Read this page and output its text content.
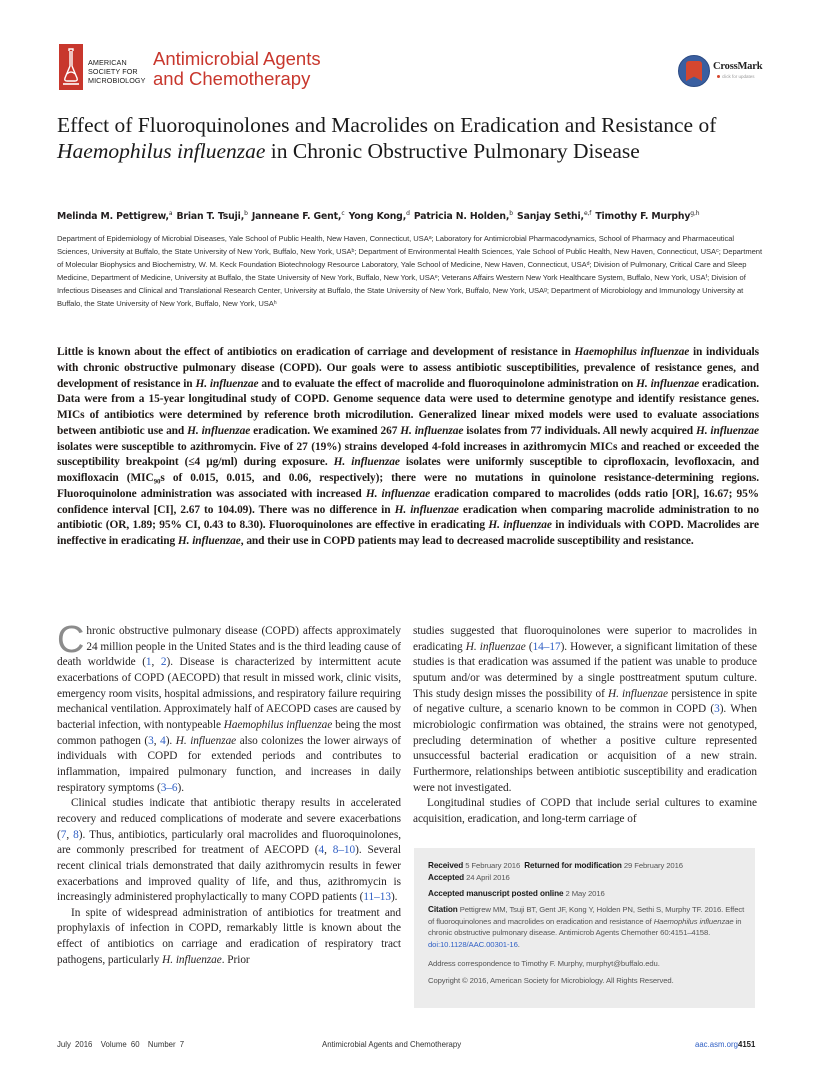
AMERICAN
SOCIETY FOR
MICROBIOLOGY
Antimicrobial Agents
and Chemotherapy
CrossMark
click for updates
Effect of Fluoroquinolones and Macrolides on Eradication and Resistance of Haemophilus influenzae in Chronic Obstructive Pulmonary Disease
Melinda M. Pettigrew,$^a$ Brian T. Tsuji,$^b$ Janneane F. Gent,$^c$ Yong Kong,$^d$ Patricia N. Holden,$^b$ Sanjay Sethi,$^{e,f}$ Timothy F. Murphy$^{g,h}$
Department of Epidemiology of Microbial Diseases, Yale School of Public Health, New Haven, Connecticut, USAᵃ; Laboratory for Antimicrobial Pharmacodynamics, School of Pharmacy and Pharmaceutical Sciences, University at Buffalo, the State University of New York, Buffalo, New York, USAᵇ; Department of Environmental Health Sciences, Yale School of Public Health, New Haven, Connecticut, USAᶜ; Department of Molecular Biophysics and Biochemistry, W. M. Keck Foundation Biotechnology Resource Laboratory, Yale School of Medicine, New Haven, Connecticut, USAᵈ; Division of Pulmonary, Critical Care and Sleep Medicine, Department of Medicine, University at Buffalo, the State University of New York, Buffalo, New York, USAᵉ; Veterans Affairs Western New York Healthcare System, Buffalo, New York, USAᶠ; Division of Infectious Diseases and Clinical and Translational Research Center, University at Buffalo, the State University of New York, Buffalo, New York, USAᵍ; Department of Microbiology and Immunology University at Buffalo, the State University of New York, Buffalo, New York, USAʰ
Little is known about the effect of antibiotics on eradication of carriage and development of resistance in Haemophilus influenzae in individuals with chronic obstructive pulmonary disease (COPD). Our goals were to assess antibiotic susceptibilities, prevalence of resistance genes, and development of resistance in H. influenzae and to evaluate the effect of macrolide and fluoroquinolone administration on H. influenzae eradication. Data were from a 15-year longitudinal study of COPD. Genome sequence data were used to determine genotype and identify resistance genes. MICs of antibiotics were determined by reference broth microdilution. Generalized linear mixed models were used to evaluate associations between antibiotic use and H. influenzae eradication. We examined 267 H. influenzae isolates from 77 individuals. All newly acquired H. influenzae isolates were susceptible to azithromycin. Five of 27 (19%) strains developed 4-fold increases in azithromycin MICs and reached or exceeded the susceptibility breakpoint (≤4 μg/ml) during exposure. H. influenzae isolates were uniformly susceptible to ciprofloxacin, levofloxacin, and moxifloxacin (MIC₉₀s of 0.015, 0.015, and 0.06, respectively); there were no mutations in quinolone resistance-determining regions. Fluoroquinolone administration was associated with increased H. influenzae eradication compared to macrolides (odds ratio [OR], 16.67; 95% confidence interval [CI], 2.67 to 104.09). There was no difference in H. influenzae eradication when comparing macrolide administration to no antibiotic (OR, 1.89; 95% CI, 0.43 to 8.30). Fluoroquinolones are effective in eradicating H. influenzae in individuals with COPD. Macrolides are ineffective in eradicating H. influenzae, and their use in COPD patients may lead to decreased macrolide susceptibility and resistance.

Chronic obstructive pulmonary disease (COPD) affects approximately 24 million people in the United States and is the third leading cause of death worldwide (1, 2). Disease is characterized by intermittent acute exacerbations of COPD (AECOPD) that result in missed work, clinic visits, emergency room visits, hospital admissions, and respiratory failure requiring mechanical ventilation. Approximately half of AECOPD cases are caused by bacterial infection, with nontypeable Haemophilus influenzae being the most common pathogen (3, 4). H. influenzae also colonizes the lower airways of individuals with COPD for extended periods and contributes to inflammation, impaired pulmonary function, and increases in daily respiratory symptoms (3–6).

Clinical studies indicate that antibiotic therapy results in accelerated recovery and reduced complications of moderate and severe exacerbations (7, 8). Thus, antibiotics, particularly oral macrolides and fluoroquinolones, are commonly prescribed for treatment of AECOPD (4, 8–10). Several recent clinical trials demonstrated that daily azithromycin results in fewer exacerbations and improved quality of life, and thus, azithromycin is increasingly administered prophylactically to many COPD patients (11–13).

In spite of widespread administration of antibiotics for treatment and prophylaxis of infection in COPD, remarkably little is known about the effect of antibiotics on carriage and eradication of respiratory tract pathogens, particularly H. influenzae. Prior

studies suggested that fluoroquinolones were superior to macrolides in eradicating H. influenzae (14–17). However, a significant limitation of these studies is that eradication was assumed if the patient was unable to produce sputum and/or was determined by a single posttreatment sputum culture. This study design misses the possibility of H. influenzae persistence in spite of negative culture, a scenario known to be common in COPD (3). When microbiologic confirmation was obtained, the strains were not genotyped, precluding determination of whether a positive culture represented unsuccessful bacterial eradication or acquisition of a new strain. Furthermore, relationships between antibiotic susceptibility and eradication were not investigated.

Longitudinal studies of COPD that include serial cultures to examine acquisition, eradication, and long-term carriage of

Received 5 February 2016 Returned for modification 29 February 2016
Accepted 24 April 2016
Accepted manuscript posted online 2 May 2016
Citation Pettigrew MM, Tsuji BT, Gent JF, Kong Y, Holden PN, Sethi S, Murphy TF. 2016. Effect of fluoroquinolones and macrolides on eradication and resistance of Haemophilus influenzae in chronic obstructive pulmonary disease. Antimicrob Agents Chemother 60:4151–4158. doi:10.1128/AAC.00301-16.
Address correspondence to Timothy F. Murphy, murphyt@buffalo.edu.
Copyright © 2016, American Society for Microbiology. All Rights Reserved.
July 2016  Volume 60  Number 7	Antimicrobial Agents and Chemotherapy	aac.asm.org 4151
